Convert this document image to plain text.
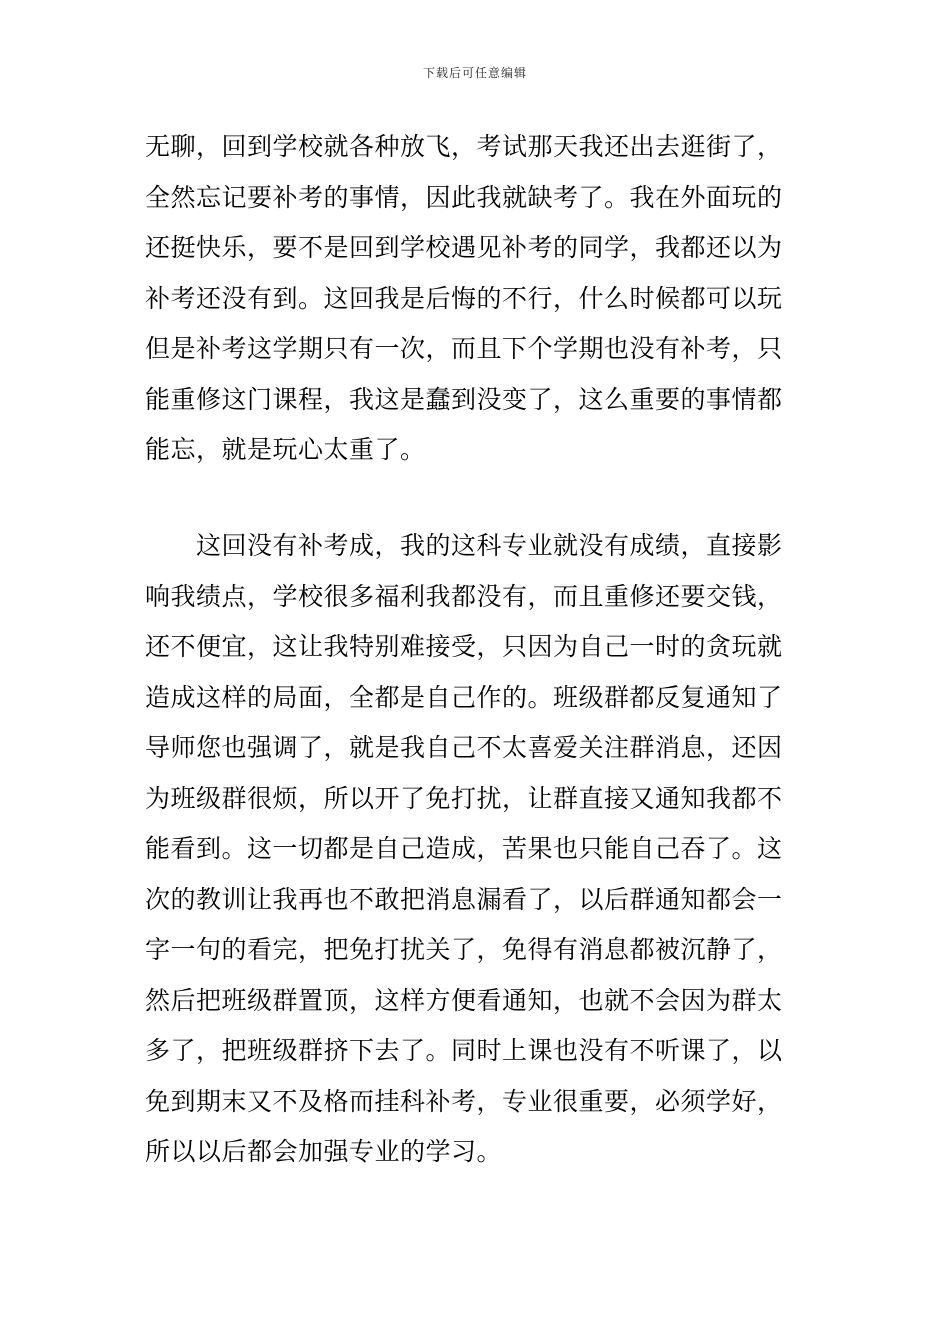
下载后可任意编辑
无聊，回到学校就各种放飞，考试那天我还出去逛街了，
全然忘记要补考的事情，因此我就缺考了。我在外面玩的
还挺快乐，要不是回到学校遇见补考的同学，我都还以为
补考还没有到。这回我是后悔的不行，什么时候都可以玩
但是补考这学期只有一次，而且下个学期也没有补考，只
能重修这门课程，我这是蠢到没变了，这么重要的事情都
能忘，就是玩心太重了。
　　这回没有补考成，我的这科专业就没有成绩，直接影
响我绩点，学校很多福利我都没有，而且重修还要交钱，
还不便宜，这让我特别难接受，只因为自己一时的贪玩就
造成这样的局面，全都是自己作的。班级群都反复通知了
导师您也强调了，就是我自己不太喜爱关注群消息，还因
为班级群很烦，所以开了免打扰，让群直接又通知我都不
能看到。这一切都是自己造成，苦果也只能自己吞了。这
次的教训让我再也不敢把消息漏看了，以后群通知都会一
字一句的看完，把免打扰关了，免得有消息都被沉静了，
然后把班级群置顶，这样方便看通知，也就不会因为群太
多了，把班级群挤下去了。同时上课也没有不听课了，以
免到期末又不及格而挂科补考，专业很重要，必须学好，
所以以后都会加强专业的学习。
